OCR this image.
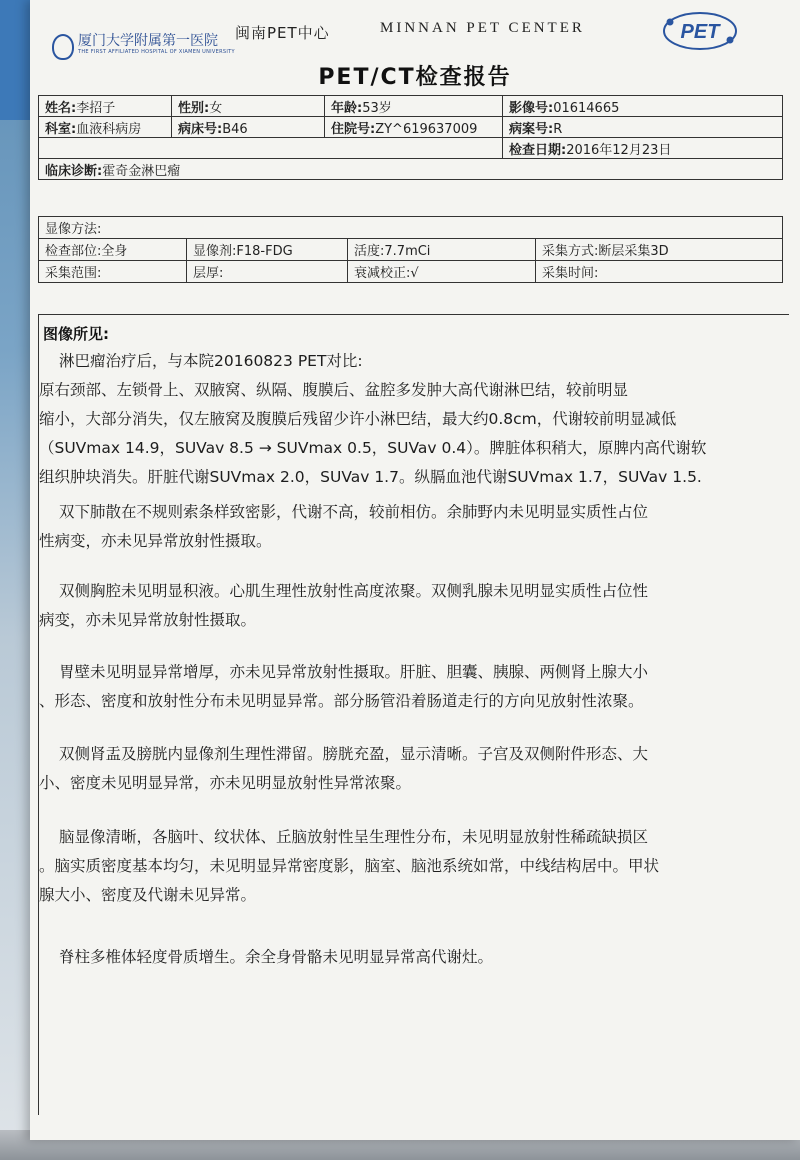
厦门大学附属第一医院
THE FIRST AFFILIATED HOSPITAL OF XIAMEN UNIVERSITY
闽南PET中心	MINNAN PET CENTER	PET
PET/CT检查报告
姓名:李招子	性别:女	年龄:53岁	影像号:01614665
科室:血液科病房	病床号:B46	住院号:ZY^619637009	病案号:R
			检查日期:2016年12月23日
临床诊断:霍奇金淋巴瘤			
显像方法:			
检查部位:全身	显像剂:F18-FDG	活度:7.7mCi	采集方式:断层采集3D
采集范围:	层厚:	衰减校正:√	采集时间:
图像所见:

淋巴瘤治疗后，与本院20160823 PET对比:

原右颈部、左锁骨上、双腋窝、纵隔、腹膜后、盆腔多发肿大高代谢淋巴结，较前明显

缩小，大部分消失，仅左腋窝及腹膜后残留少许小淋巴结，最大约0.8cm，代谢较前明显减低

（SUVmax 14.9，SUVav 8.5 → SUVmax 0.5，SUVav 0.4）。脾脏体积稍大，原脾内高代谢软

组织肿块消失。肝脏代谢SUVmax 2.0，SUVav 1.7。纵膈血池代谢SUVmax 1.7，SUVav 1.5.

双下肺散在不规则索条样致密影，代谢不高，较前相仿。余肺野内未见明显实质性占位

性病变，亦未见异常放射性摄取。

双侧胸腔未见明显积液。心肌生理性放射性高度浓聚。双侧乳腺未见明显实质性占位性

病变，亦未见异常放射性摄取。

胃壁未见明显异常增厚，亦未见异常放射性摄取。肝脏、胆囊、胰腺、两侧肾上腺大小

、形态、密度和放射性分布未见明显异常。部分肠管沿着肠道走行的方向见放射性浓聚。

双侧肾盂及膀胱内显像剂生理性滞留。膀胱充盈，显示清晰。子宫及双侧附件形态、大

小、密度未见明显异常，亦未见明显放射性异常浓聚。

脑显像清晰，各脑叶、纹状体、丘脑放射性呈生理性分布，未见明显放射性稀疏缺损区

。脑实质密度基本均匀，未见明显异常密度影，脑室、脑池系统如常，中线结构居中。甲状

腺大小、密度及代谢未见异常。

脊柱多椎体轻度骨质增生。余全身骨骼未见明显异常高代谢灶。
